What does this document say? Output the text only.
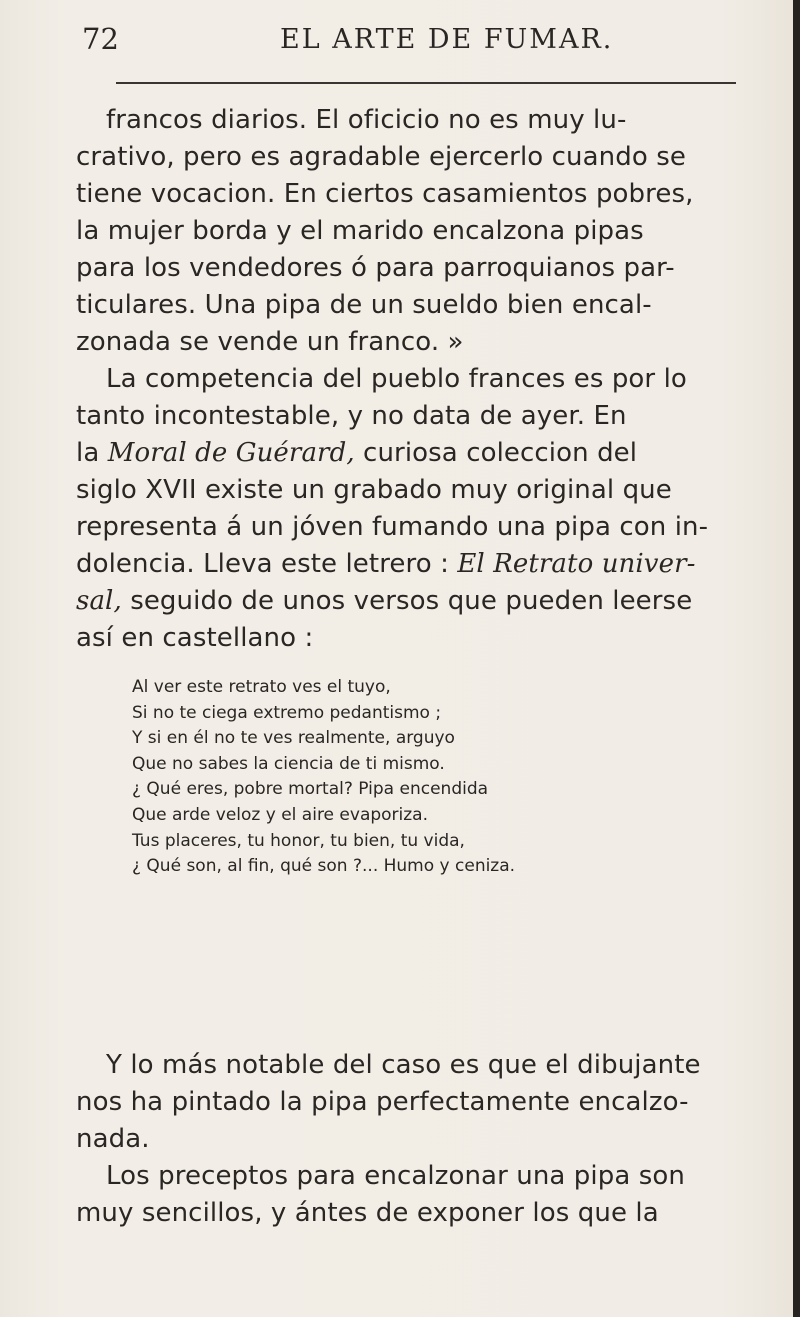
72	EL ARTE DE FUMAR.
francos diarios. El oficicio no es muy lu-
crativo, pero es agradable ejercerlo cuando se
tiene vocacion. En ciertos casamientos pobres,
la mujer borda y el marido encalzona pipas
para los vendedores ó para parroquianos par-
ticulares. Una pipa de un sueldo bien encal-
zonada se vende un franco. »
La competencia del pueblo frances es por lo
tanto incontestable, y no data de ayer. En
la Moral de Guérard, curiosa coleccion del
siglo XVII existe un grabado muy original que
representa á un jóven fumando una pipa con in-
dolencia. Lleva este letrero : El Retrato univer-
sal, seguido de unos versos que pueden leerse
así en castellano :
Al ver este retrato ves el tuyo,
Si no te ciega extremo pedantismo ;
Y si en él no te ves realmente, arguyo
Que no sabes la ciencia de ti mismo.
¿ Qué eres, pobre mortal? Pipa encendida
Que arde veloz y el aire evaporiza.
Tus placeres, tu honor, tu bien, tu vida,
¿ Qué son, al fin, qué son ?... Humo y ceniza.
Y lo más notable del caso es que el dibujante
nos ha pintado la pipa perfectamente encalzo-
nada.
Los preceptos para encalzonar una pipa son
muy sencillos, y ántes de exponer los que la
